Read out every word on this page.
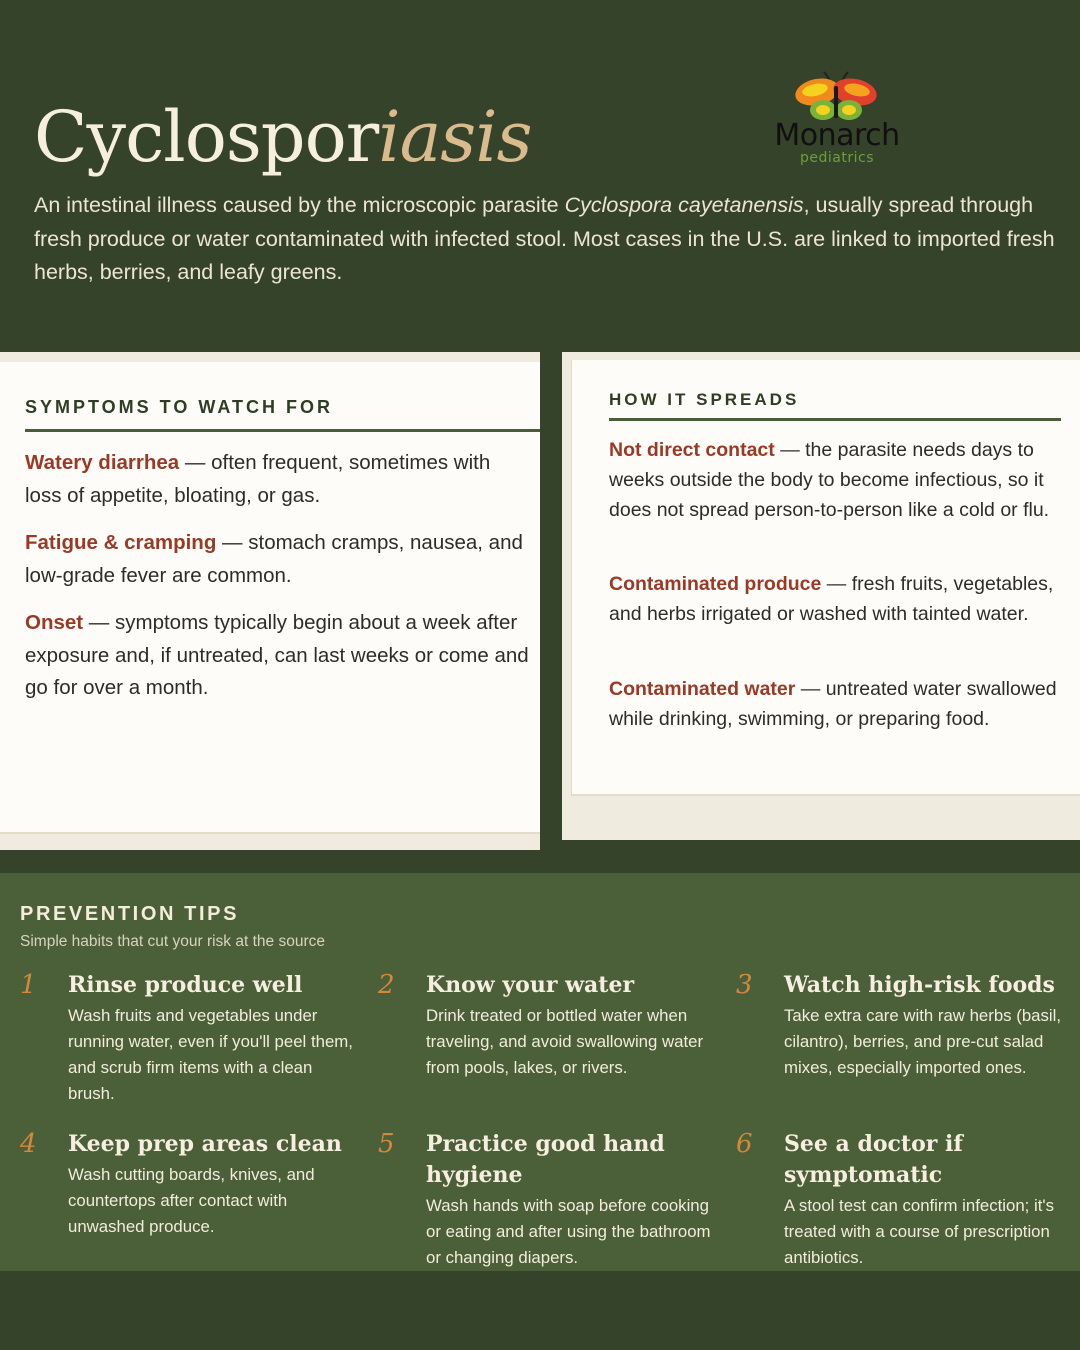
Cyclosporiasis	Monarch
pediatrics

An intestinal illness caused by the microscopic parasite Cyclospora cayetanensis, usually spread through fresh produce or water contaminated with infected stool. Most cases in the U.S. are linked to imported fresh herbs, berries, and leafy greens.

SYMPTOMS TO WATCH FOR
Watery diarrhea — often frequent, sometimes with loss of appetite, bloating, or gas.
Fatigue & cramping — stomach cramps, nausea, and low-grade fever are common.
Onset — symptoms typically begin about a week after exposure and, if untreated, can last weeks or come and go for over a month.
HOW IT SPREADS
Not direct contact — the parasite needs days to weeks outside the body to become infectious, so it does not spread person-to-person like a cold or flu.
Contaminated produce — fresh fruits, vegetables, and herbs irrigated or washed with tainted water.
Contaminated water — untreated water swallowed while drinking, swimming, or preparing food.
PREVENTION TIPS
Simple habits that cut your risk at the source
1 Rinse produce well
Wash fruits and vegetables under running water, even if you'll peel them, and scrub firm items with a clean brush.
2 Know your water
Drink treated or bottled water when traveling, and avoid swallowing water from pools, lakes, or rivers.
3 Watch high-risk foods
Take extra care with raw herbs (basil, cilantro), berries, and pre-cut salad mixes, especially imported ones.
4 Keep prep areas clean
Wash cutting boards, knives, and countertops after contact with unwashed produce.
5 Practice good hand hygiene
Wash hands with soap before cooking or eating and after using the bathroom or changing diapers.
6 See a doctor if symptomatic
A stool test can confirm infection; it's treated with a course of prescription antibiotics.
